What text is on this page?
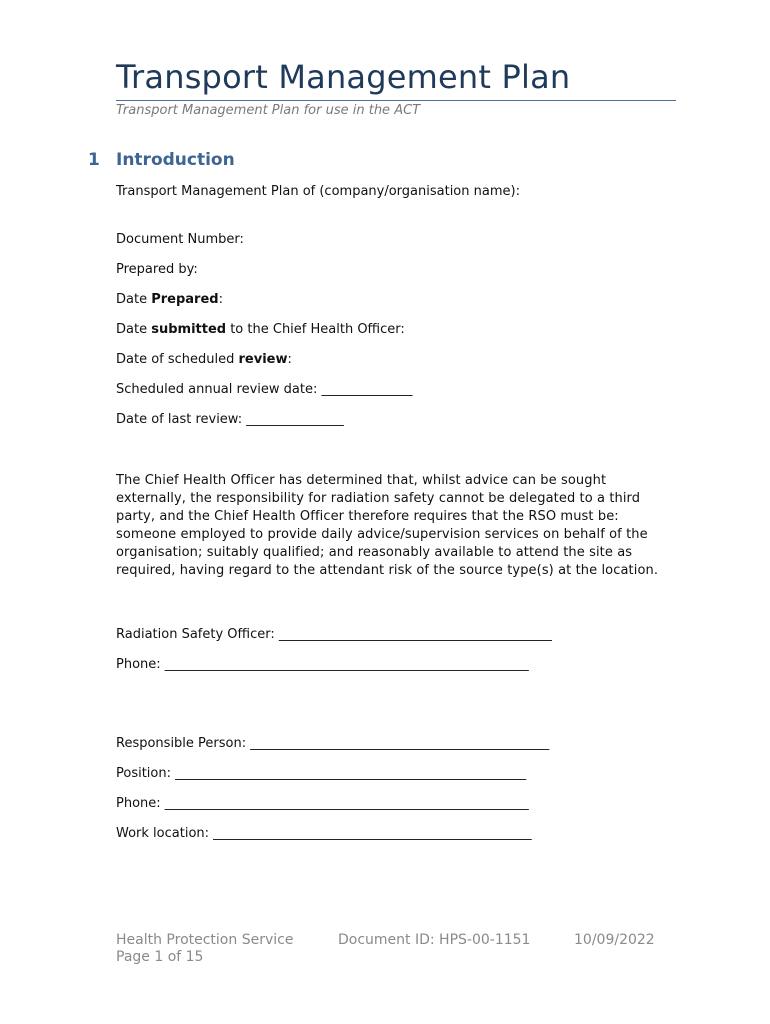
Transport Management Plan
Transport Management Plan for use in the ACT
1 Introduction
Transport Management Plan of (company/organisation name):
Document Number:
Prepared by:
Date Prepared:
Date submitted to the Chief Health Officer:
Date of scheduled review:
Scheduled annual review date: ______________
Date of last review: _______________

The Chief Health Officer has determined that, whilst advice can be sought externally, the responsibility for radiation safety cannot be delegated to a third party, and the Chief Health Officer therefore requires that the RSO must be: someone employed to provide daily advice/supervision services on behalf of the organisation; suitably qualified; and reasonably available to attend the site as required, having regard to the attendant risk of the source type(s) at the location.

Radiation Safety Officer: __________________________________________
Phone: ________________________________________________________
Responsible Person: ______________________________________________
Position: ______________________________________________________
Phone: ________________________________________________________
Work location: _________________________________________________
Health Protection Service
Page 1 of 15
Document ID: HPS-00-1151	10/09/2022
